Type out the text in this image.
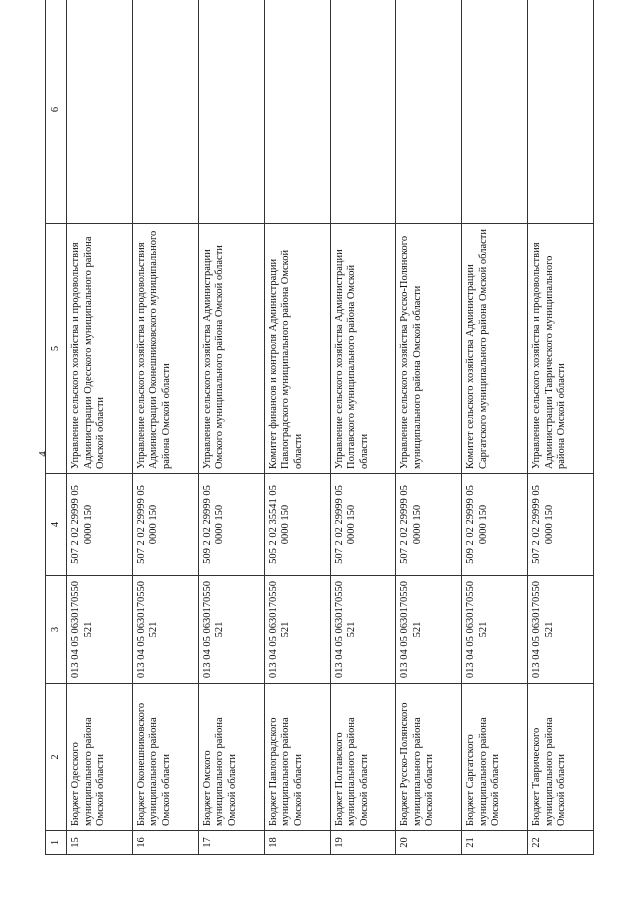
4
1	2	3	4	5	6
15	Бюджет Одесского муниципального района Омской области	013 04 05 0630170550 521	507 2 02 29999 05 0000 150	Управление сельского хозяйства и продовольствия Администрации Одесского муниципального района Омской области	
16	Бюджет Оконешниковского муниципального района Омской области	013 04 05 0630170550 521	507 2 02 29999 05 0000 150	Управление сельского хозяйства и продовольствия Администрации Оконешниковского муниципального района Омской области	
17	Бюджет Омского муниципального района Омской области	013 04 05 0630170550 521	509 2 02 29999 05 0000 150	Управление сельского хозяйства Администрации Омского муниципального района Омской области	
18	Бюджет Павлоградского муниципального района Омской области	013 04 05 0630170550 521	505 2 02 35541 05 0000 150	Комитет финансов и контроля Администрации Павлоградского муниципального района Омской области	
19	Бюджет Полтавского муниципального района Омской области	013 04 05 0630170550 521	507 2 02 29999 05 0000 150	Управление сельского хозяйства Администрации Полтавского муниципального района Омской области	
20	Бюджет Русско-Полянского муниципального района Омской области	013 04 05 0630170550 521	507 2 02 29999 05 0000 150	Управление сельского хозяйства Русско-Полянского муниципального района Омской области	
21	Бюджет Саргатского муниципального района Омской области	013 04 05 0630170550 521	509 2 02 29999 05 0000 150	Комитет сельского хозяйства Администрации Саргатского муниципального района Омской области	
22	Бюджет Таврического муниципального района Омской области	013 04 05 0630170550 521	507 2 02 29999 05 0000 150	Управление сельского хозяйства и продовольствия Администрации Таврического муниципального района Омской области	
